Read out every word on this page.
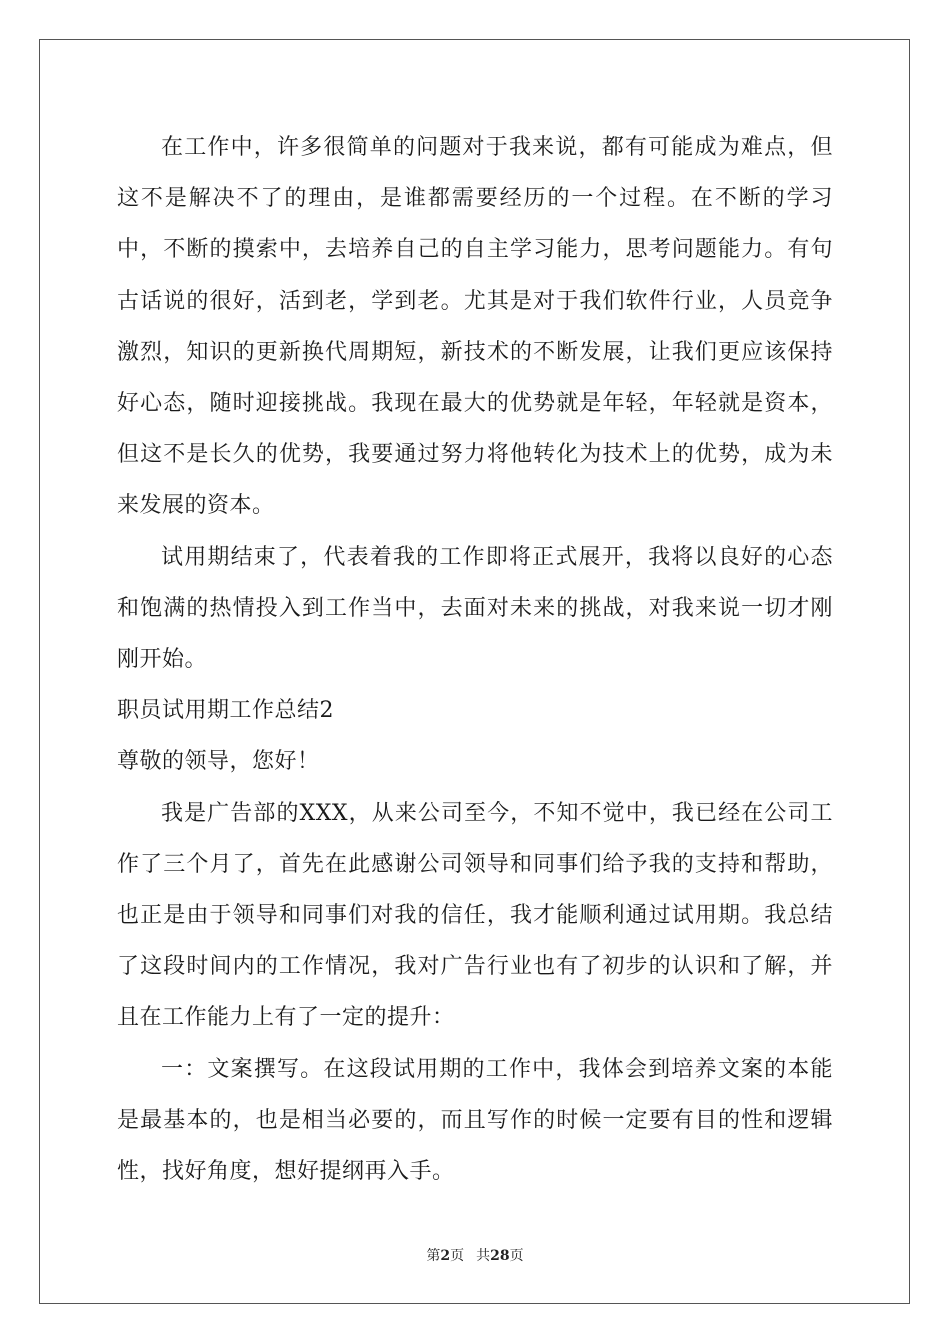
在工作中，许多很简单的问题对于我来说，都有可能成为难点，但这不是解决不了的理由，是谁都需要经历的一个过程。在不断的学习中，不断的摸索中，去培养自己的自主学习能力，思考问题能力。有句古话说的很好，活到老，学到老。尤其是对于我们软件行业，人员竞争激烈，知识的更新换代周期短，新技术的不断发展，让我们更应该保持好心态，随时迎接挑战。我现在最大的优势就是年轻，年轻就是资本，但这不是长久的优势，我要通过努力将他转化为技术上的优势，成为未来发展的资本。

试用期结束了，代表着我的工作即将正式展开，我将以良好的心态和饱满的热情投入到工作当中，去面对未来的挑战，对我来说一切才刚刚开始。

职员试用期工作总结2

尊敬的领导，您好！

我是广告部的XXX，从来公司至今，不知不觉中，我已经在公司工作了三个月了，首先在此感谢公司领导和同事们给予我的支持和帮助，也正是由于领导和同事们对我的信任，我才能顺利通过试用期。我总结了这段时间内的工作情况，我对广告行业也有了初步的认识和了解，并且在工作能力上有了一定的提升：

一：文案撰写。在这段试用期的工作中，我体会到培养文案的本能是最基本的，也是相当必要的，而且写作的时候一定要有目的性和逻辑性，找好角度，想好提纲再入手。

第2页 共28页
